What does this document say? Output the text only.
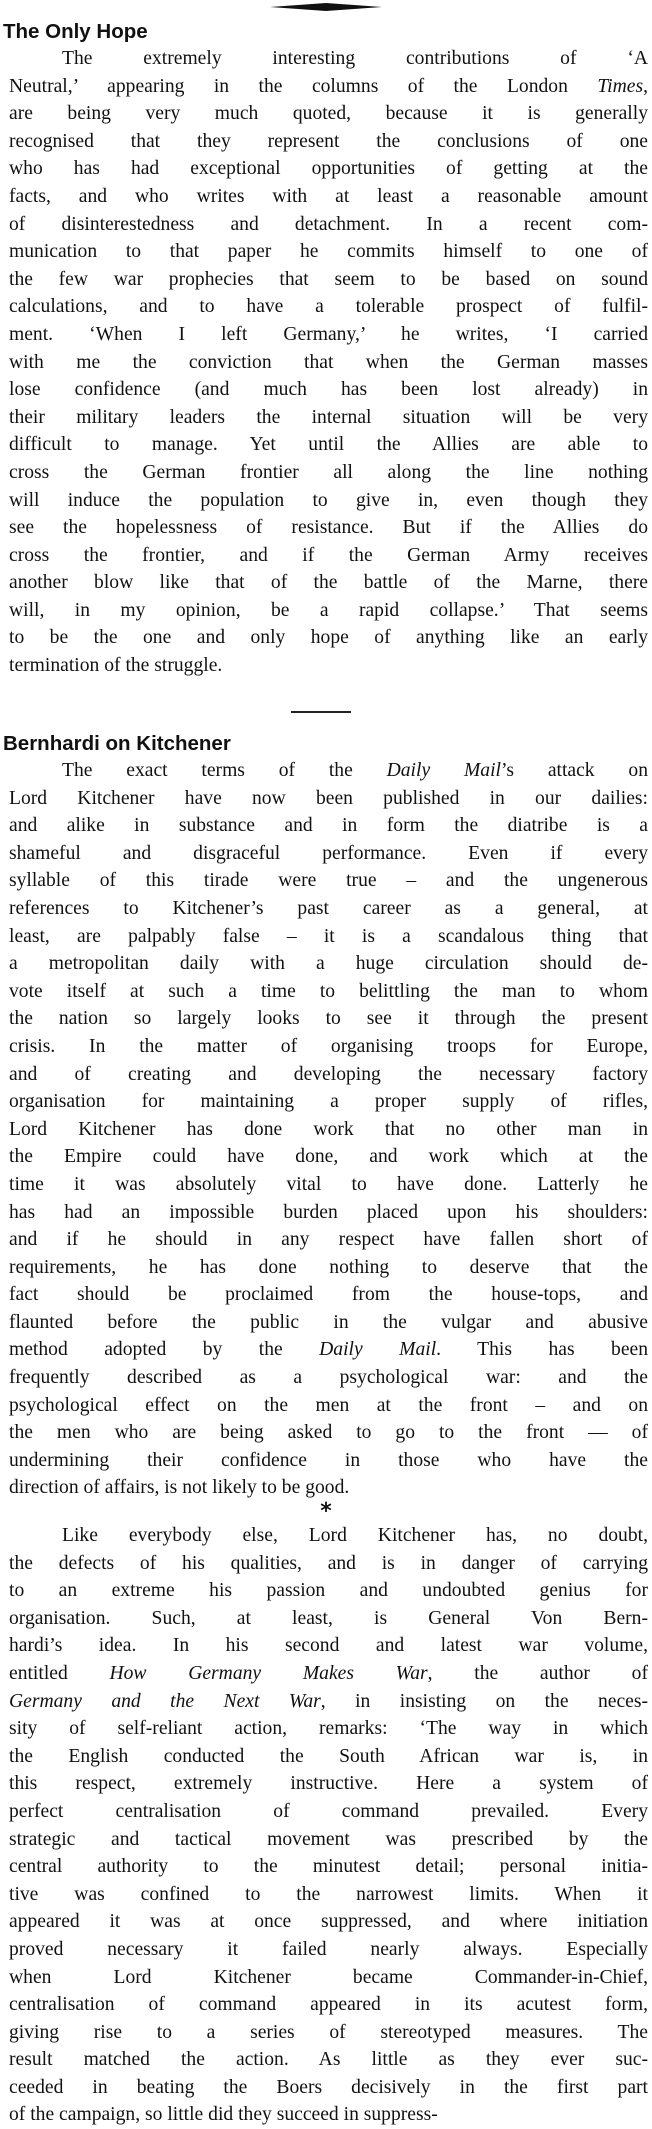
The Only Hope
The extremely interesting contributions of ‘A
Neutral,’ appearing in the columns of the London Times,
are being very much quoted, because it is generally
recognised that they represent the conclusions of one
who has had exceptional opportunities of getting at the
facts, and who writes with at least a reasonable amount
of disinterestedness and detachment. In a recent com-
munication to that paper he commits himself to one of
the few war prophecies that seem to be based on sound
calculations, and to have a tolerable prospect of fulfil-
ment. ‘When I left Germany,’ he writes, ‘I carried
with me the conviction that when the German masses
lose confidence (and much has been lost already) in
their military leaders the internal situation will be very
difficult to manage. Yet until the Allies are able to
cross the German frontier all along the line nothing
will induce the population to give in, even though they
see the hopelessness of resistance. But if the Allies do
cross the frontier, and if the German Army receives
another blow like that of the battle of the Marne, there
will, in my opinion, be a rapid collapse.’ That seems
to be the one and only hope of anything like an early
termination of the struggle.
Bernhardi on Kitchener
The exact terms of the Daily Mail’s attack on
Lord Kitchener have now been published in our dailies:
and alike in substance and in form the diatribe is a
shameful and disgraceful performance. Even if every
syllable of this tirade were true – and the ungenerous
references to Kitchener’s past career as a general, at
least, are palpably false – it is a scandalous thing that
a metropolitan daily with a huge circulation should de-
vote itself at such a time to belittling the man to whom
the nation so largely looks to see it through the present
crisis. In the matter of organising troops for Europe,
and of creating and developing the necessary factory
organisation for maintaining a proper supply of rifles,
Lord Kitchener has done work that no other man in
the Empire could have done, and work which at the
time it was absolutely vital to have done. Latterly he
has had an impossible burden placed upon his shoulders:
and if he should in any respect have fallen short of
requirements, he has done nothing to deserve that the
fact should be proclaimed from the house-tops, and
flaunted before the public in the vulgar and abusive
method adopted by the Daily Mail. This has been
frequently described as a psychological war: and the
psychological effect on the men at the front – and on
the men who are being asked to go to the front — of
undermining their confidence in those who have the
direction of affairs, is not likely to be good.
*
Like everybody else, Lord Kitchener has, no doubt,
the defects of his qualities, and is in danger of carrying
to an extreme his passion and undoubted genius for
organisation. Such, at least, is General Von Bern-
hardi’s idea. In his second and latest war volume,
entitled How Germany Makes War, the author of
Germany and the Next War, in insisting on the neces-
sity of self-reliant action, remarks: ‘The way in which
the English conducted the South African war is, in
this respect, extremely instructive. Here a system of
perfect centralisation of command prevailed. Every
strategic and tactical movement was prescribed by the
central authority to the minutest detail; personal initia-
tive was confined to the narrowest limits. When it
appeared it was at once suppressed, and where initiation
proved necessary it failed nearly always. Especially
when Lord Kitchener became Commander-in-Chief,
centralisation of command appeared in its acutest form,
giving rise to a series of stereotyped measures. The
result matched the action. As little as they ever suc-
ceeded in beating the Boers decisively in the first part
of the campaign, so little did they succeed in suppress-
